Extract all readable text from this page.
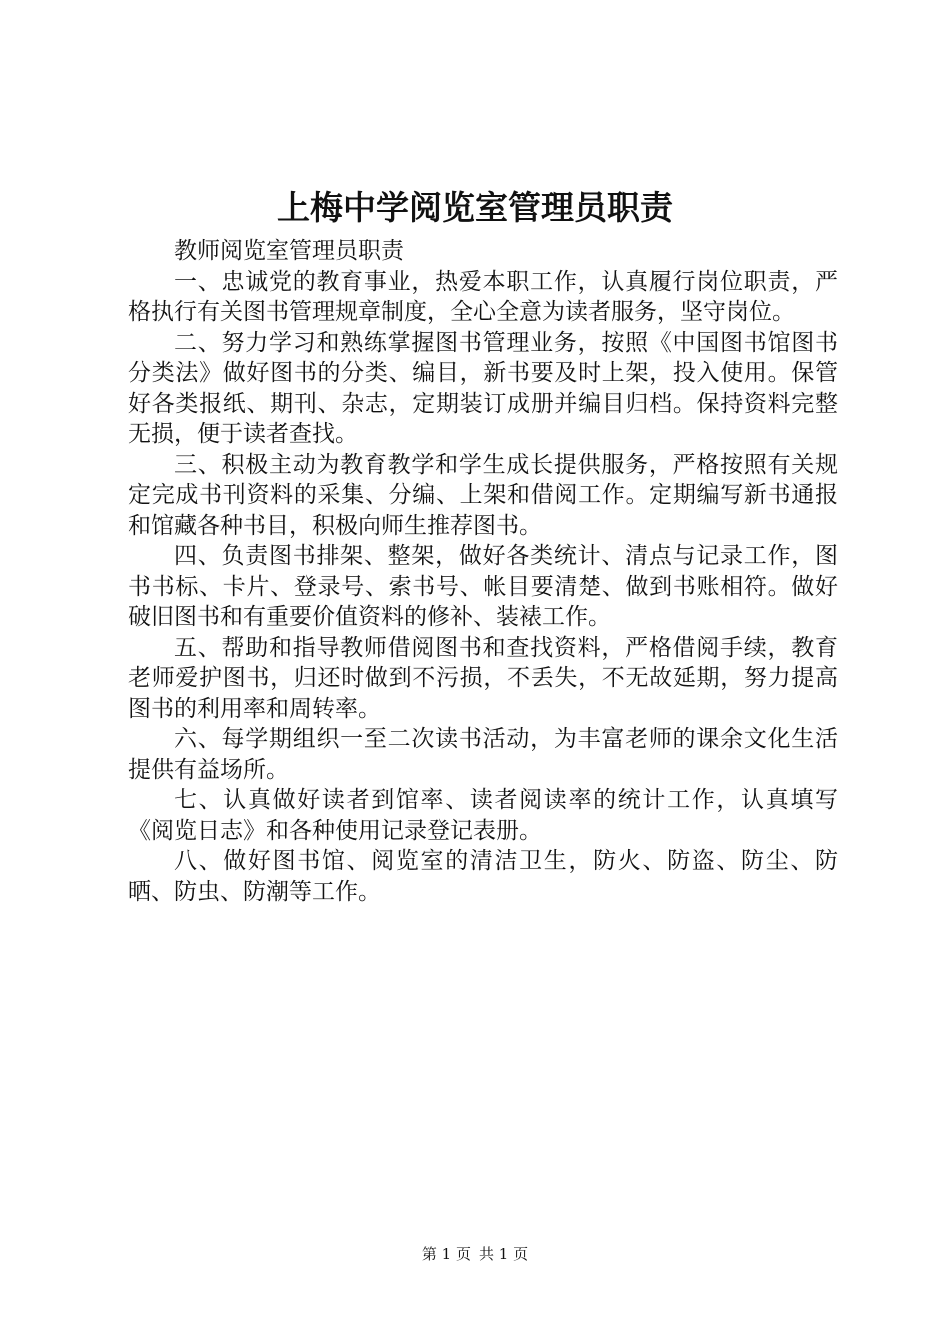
上梅中学阅览室管理员职责

教师阅览室管理员职责

一、忠诚党的教育事业，热爱本职工作，认真履行岗位职责，严格执行有关图书管理规章制度，全心全意为读者服务，坚守岗位。

二、努力学习和熟练掌握图书管理业务，按照《中国图书馆图书分类法》做好图书的分类、编目，新书要及时上架，投入使用。保管好各类报纸、期刊、杂志，定期装订成册并编目归档。保持资料完整无损，便于读者查找。

三、积极主动为教育教学和学生成长提供服务，严格按照有关规定完成书刊资料的采集、分编、上架和借阅工作。定期编写新书通报和馆藏各种书目，积极向师生推荐图书。

四、负责图书排架、整架，做好各类统计、清点与记录工作，图书书标、卡片、登录号、索书号、帐目要清楚、做到书账相符。做好破旧图书和有重要价值资料的修补、装裱工作。

五、帮助和指导教师借阅图书和查找资料，严格借阅手续，教育老师爱护图书，归还时做到不污损，不丢失，不无故延期，努力提高图书的利用率和周转率。

六、每学期组织一至二次读书活动，为丰富老师的课余文化生活提供有益场所。

七、认真做好读者到馆率、读者阅读率的统计工作，认真填写《阅览日志》和各种使用记录登记表册。

八、做好图书馆、阅览室的清洁卫生，防火、防盗、防尘、防晒、防虫、防潮等工作。

第 1 页 共 1 页
